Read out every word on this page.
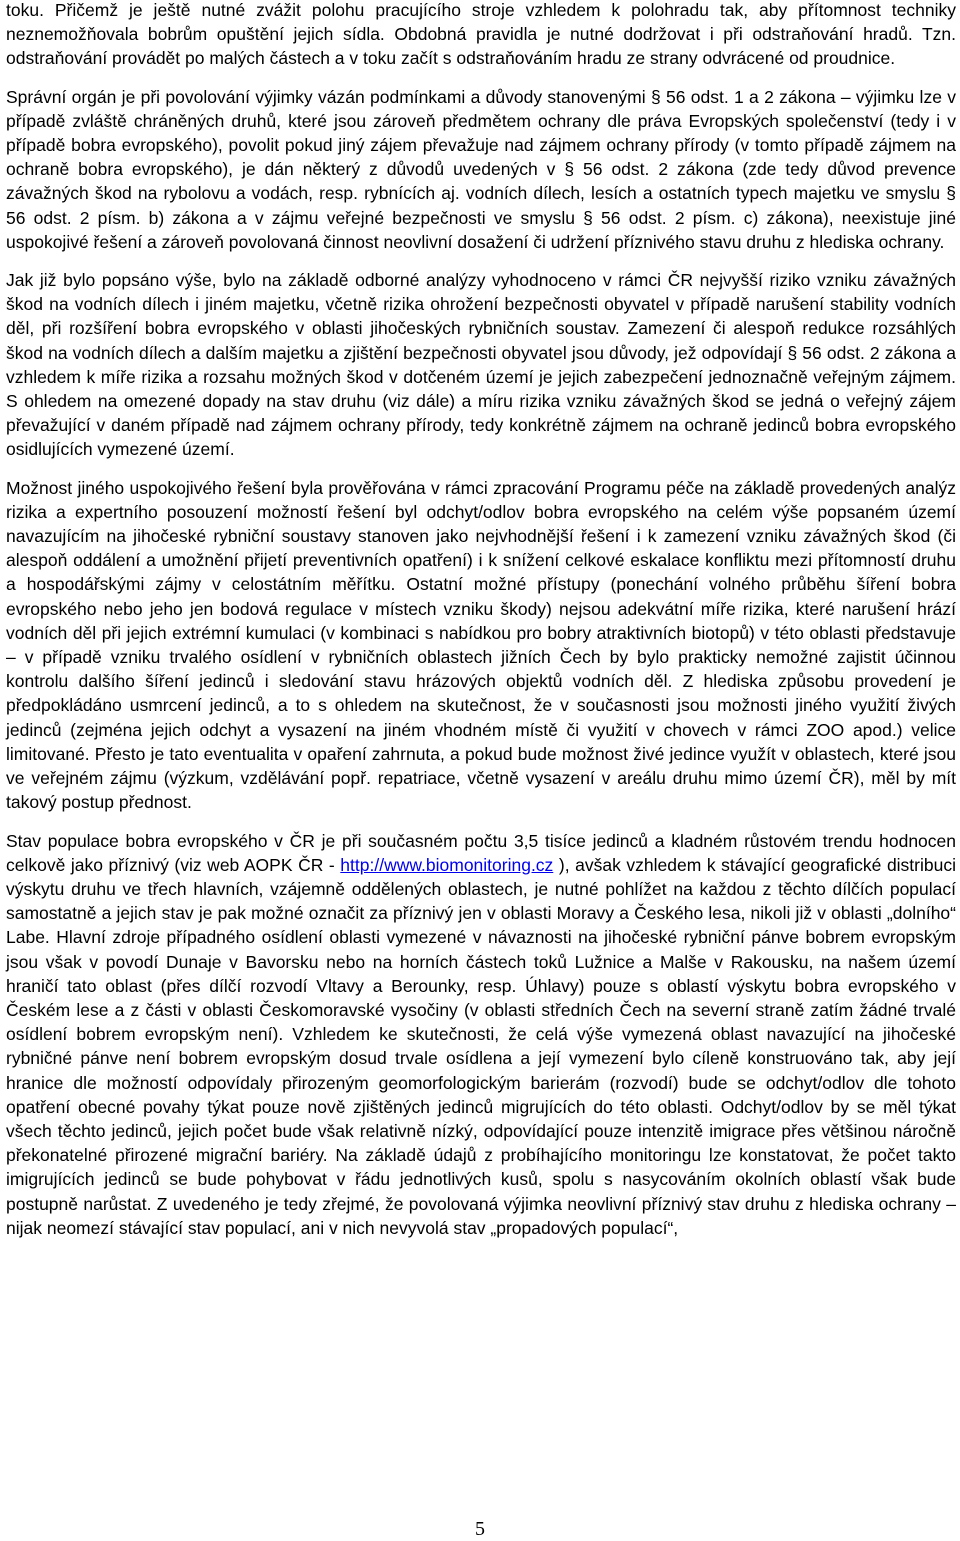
toku. Přičemž je ještě nutné zvážit polohu pracujícího stroje vzhledem k polohradu tak, aby přítomnost techniky neznemožňovala bobrům opuštění jejich sídla. Obdobná pravidla je nutné dodržovat i při odstraňování hradů. Tzn. odstraňování provádět po malých částech a v toku začít s odstraňováním hradu ze strany odvrácené od proudnice.

Správní orgán je při povolování výjimky vázán podmínkami a důvody stanovenými § 56 odst. 1 a 2 zákona – výjimku lze v případě zvláště chráněných druhů, které jsou zároveň předmětem ochrany dle práva Evropských společenství (tedy i v případě bobra evropského), povolit pokud jiný zájem převažuje nad zájmem ochrany přírody (v tomto případě zájmem na ochraně bobra evropského), je dán některý z důvodů uvedených v § 56 odst. 2 zákona (zde tedy důvod prevence závažných škod na rybolovu a vodách, resp. rybnících aj. vodních dílech, lesích a ostatních typech majetku ve smyslu § 56 odst. 2 písm. b) zákona a v zájmu veřejné bezpečnosti ve smyslu § 56 odst. 2 písm. c) zákona), neexistuje jiné uspokojivé řešení a zároveň povolovaná činnost neovlivní dosažení či udržení příznivého stavu druhu z hlediska ochrany.

Jak již bylo popsáno výše, bylo na základě odborné analýzy vyhodnoceno v rámci ČR nejvyšší riziko vzniku závažných škod na vodních dílech i jiném majetku, včetně rizika ohrožení bezpečnosti obyvatel v případě narušení stability vodních děl, při rozšíření bobra evropského v oblasti jihočeských rybničních soustav. Zamezení či alespoň redukce rozsáhlých škod na vodních dílech a dalším majetku a zjištění bezpečnosti obyvatel jsou důvody, jež odpovídají § 56 odst. 2 zákona a vzhledem k míře rizika a rozsahu možných škod v dotčeném území je jejich zabezpečení jednoznačně veřejným zájmem. S ohledem na omezené dopady na stav druhu (viz dále) a míru rizika vzniku závažných škod se jedná o veřejný zájem převažující v daném případě nad zájmem ochrany přírody, tedy konkrétně zájmem na ochraně jedinců bobra evropského osidlujících vymezené území.

Možnost jiného uspokojivého řešení byla prověřována v rámci zpracování Programu péče na základě provedených analýz rizika a expertního posouzení možností řešení byl odchyt/odlov bobra evropského na celém výše popsaném území navazujícím na jihočeské rybniční soustavy stanoven jako nejvhodnější řešení i k zamezení vzniku závažných škod (či alespoň oddálení a umožnění přijetí preventivních opatření) i k snížení celkové eskalace konfliktu mezi přítomností druhu a hospodářskými zájmy v celostátním měřítku. Ostatní možné přístupy (ponechání volného průběhu šíření bobra evropského nebo jeho jen bodová regulace v místech vzniku škody) nejsou adekvátní míře rizika, které narušení hrází vodních děl při jejich extrémní kumulaci (v kombinaci s nabídkou pro bobry atraktivních biotopů) v této oblasti představuje – v případě vzniku trvalého osídlení v rybničních oblastech jižních Čech by bylo prakticky nemožné zajistit účinnou kontrolu dalšího šíření jedinců i sledování stavu hrázových objektů vodních děl. Z hlediska způsobu provedení je předpokládáno usmrcení jedinců, a to s ohledem na skutečnost, že v současnosti jsou možnosti jiného využití živých jedinců (zejména jejich odchyt a vysazení na jiném vhodném místě či využití v chovech v rámci ZOO apod.) velice limitované. Přesto je tato eventualita v opaření zahrnuta, a pokud bude možnost živé jedince využít v oblastech, které jsou ve veřejném zájmu (výzkum, vzdělávání popř. repatriace, včetně vysazení v areálu druhu mimo území ČR), měl by mít takový postup přednost.

Stav populace bobra evropského v ČR je při současném počtu 3,5 tisíce jedinců a kladném růstovém trendu hodnocen celkově jako příznivý (viz web AOPK ČR - http://www.biomonitoring.cz ), avšak vzhledem k stávající geografické distribuci výskytu druhu ve třech hlavních, vzájemně oddělených oblastech, je nutné pohlížet na každou z těchto dílčích populací samostatně a jejich stav je pak možné označit za příznivý jen v oblasti Moravy a Českého lesa, nikoli již v oblasti „dolního“ Labe. Hlavní zdroje případného osídlení oblasti vymezené v návaznosti na jihočeské rybniční pánve bobrem evropským jsou však v povodí Dunaje v Bavorsku nebo na horních částech toků Lužnice a Malše v Rakousku, na našem území hraničí tato oblast (přes dílčí rozvodí Vltavy a Berounky, resp. Úhlavy) pouze s oblastí výskytu bobra evropského v Českém lese a z části v oblasti Českomoravské vysočiny (v oblasti středních Čech na severní straně zatím žádné trvalé osídlení bobrem evropským není). Vzhledem ke skutečnosti, že celá výše vymezená oblast navazující na jihočeské rybničné pánve není bobrem evropským dosud trvale osídlena a její vymezení bylo cíleně konstruováno tak, aby její hranice dle možností odpovídaly přirozeným geomorfologickým barierám (rozvodí) bude se odchyt/odlov dle tohoto opatření obecné povahy týkat pouze nově zjištěných jedinců migrujících do této oblasti. Odchyt/odlov by se měl týkat všech těchto jedinců, jejich počet bude však relativně nízký, odpovídající pouze intenzitě imigrace přes většinou náročně překonatelné přirozené migrační bariéry. Na základě údajů z probíhajícího monitoringu lze konstatovat, že počet takto imigrujících jedinců se bude pohybovat v řádu jednotlivých kusů, spolu s nasycováním okolních oblastí však bude postupně narůstat. Z uvedeného je tedy zřejmé, že povolovaná výjimka neovlivní příznivý stav druhu z hlediska ochrany – nijak neomezí stávající stav populací, ani v nich nevyvolá stav „propadových populací“,

5
